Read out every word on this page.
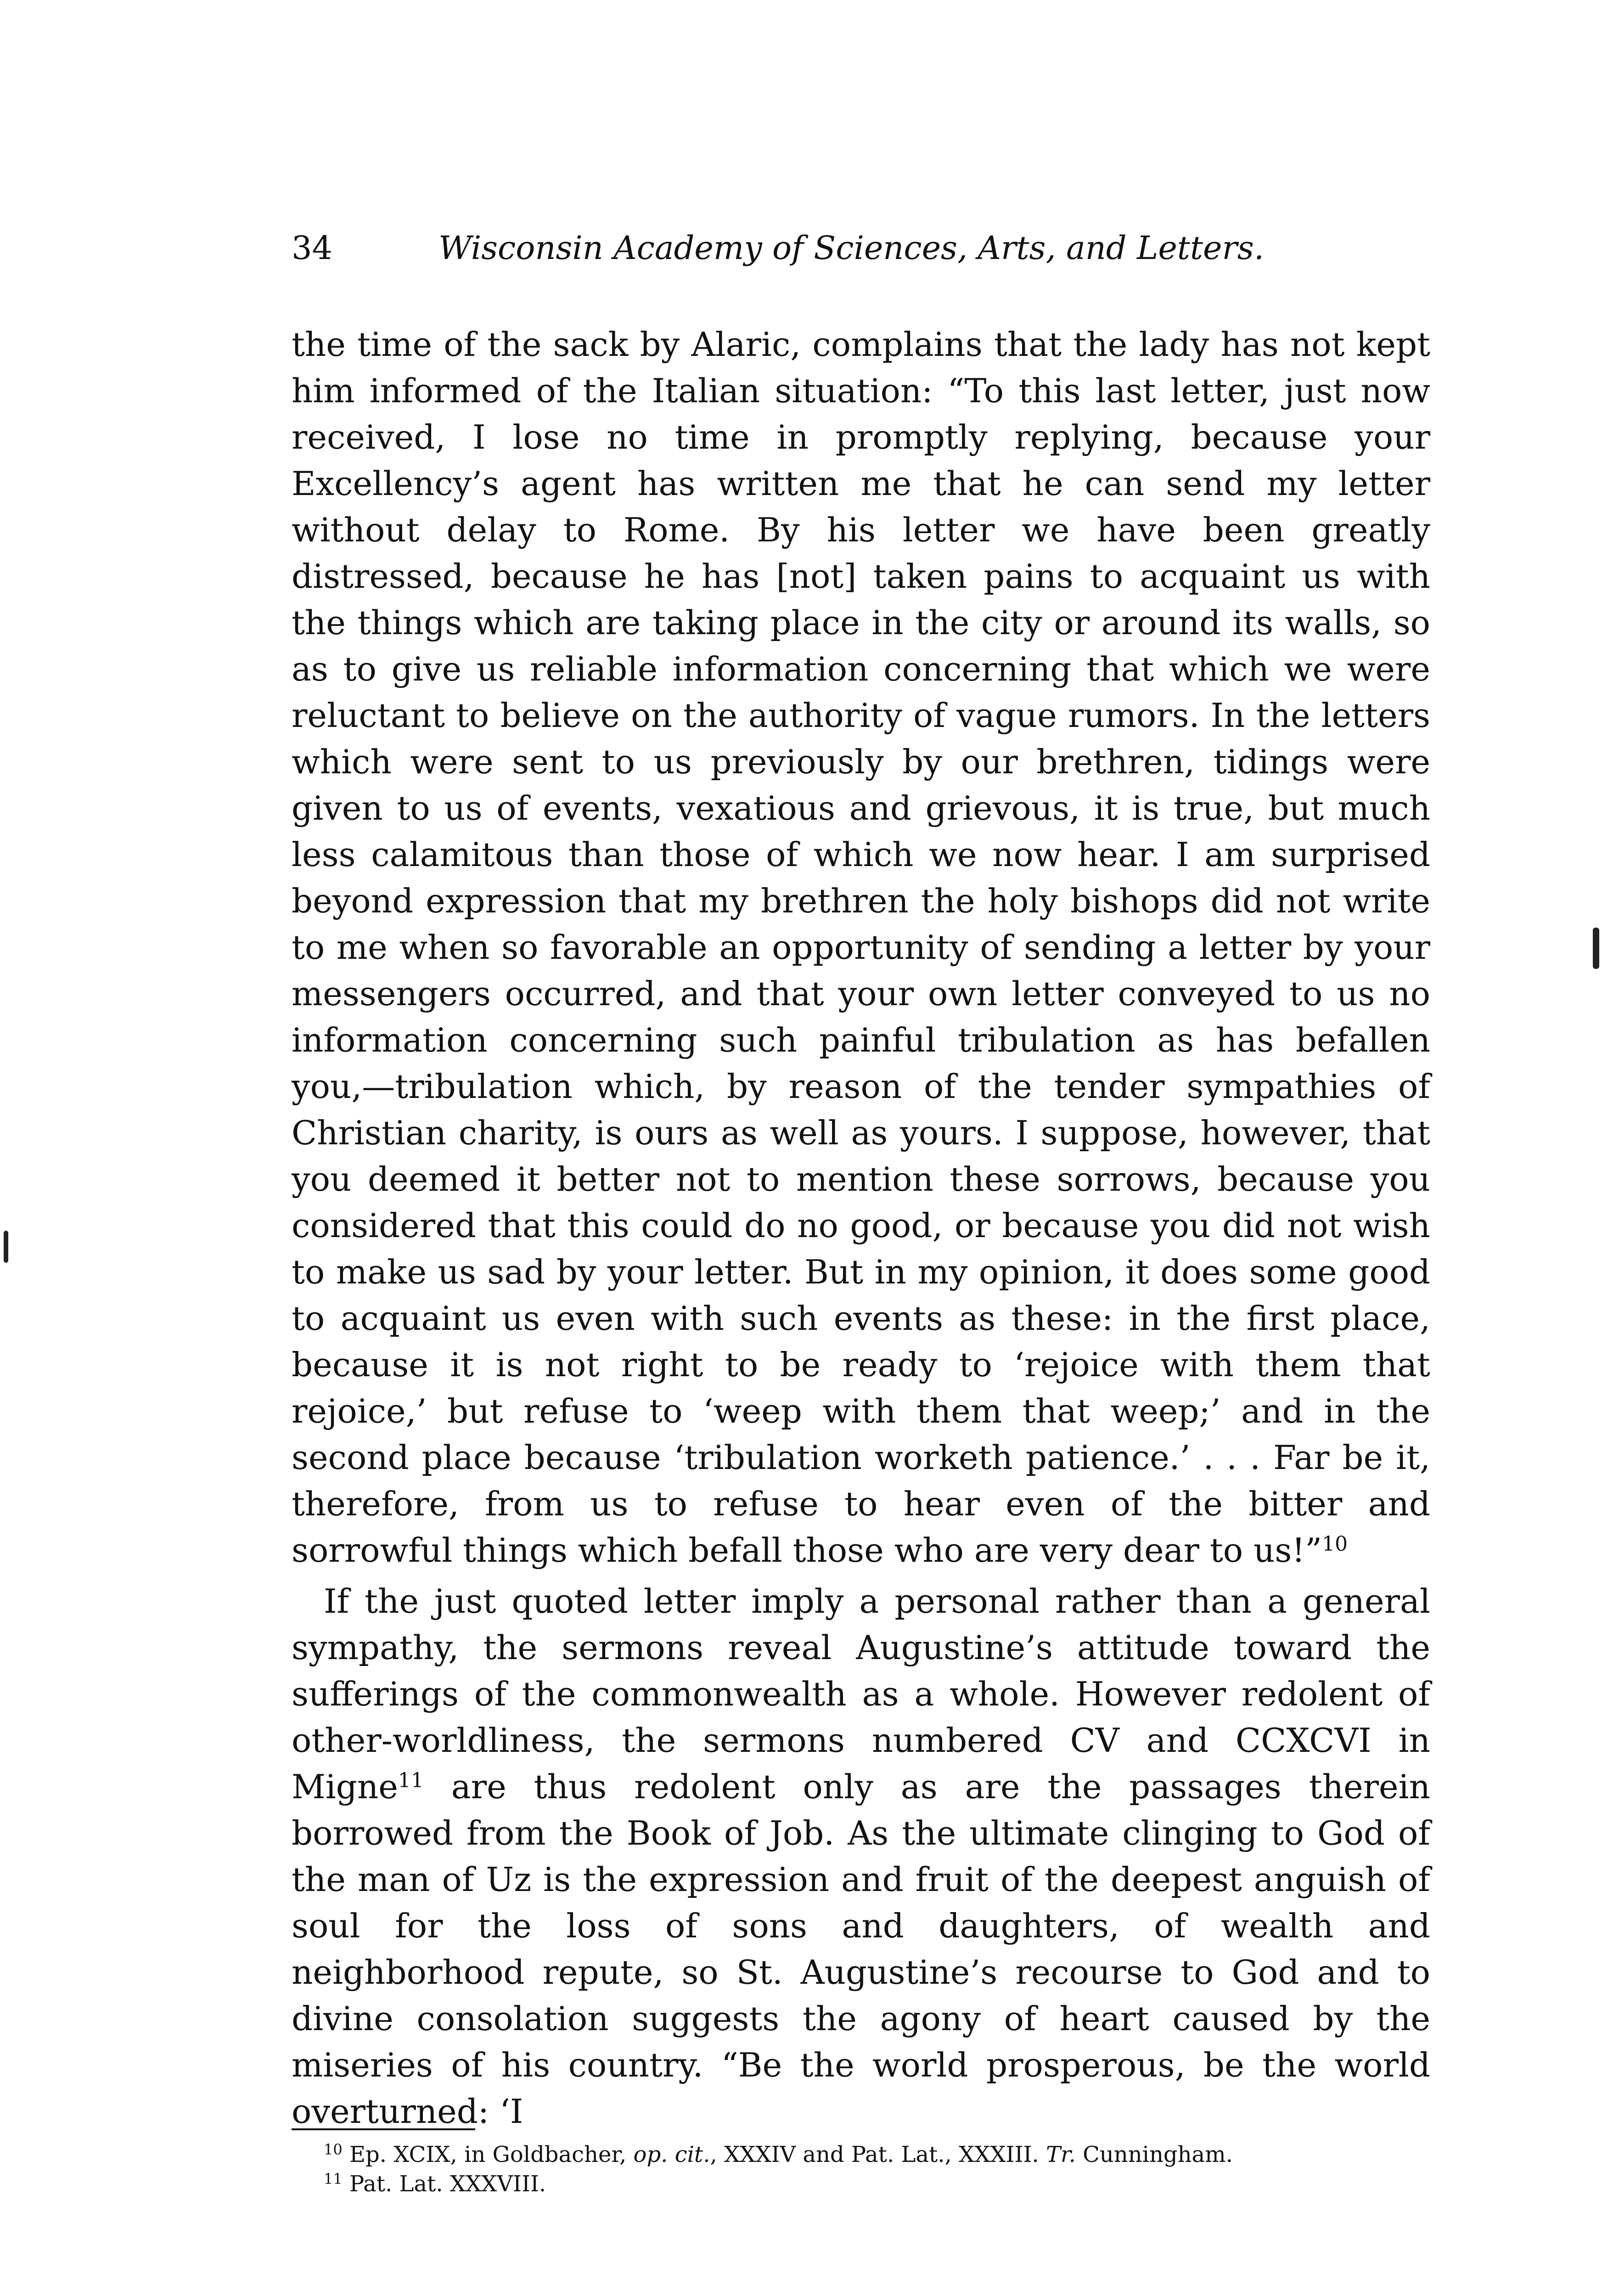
34	Wisconsin Academy of Sciences, Arts, and Letters.

the time of the sack by Alaric, complains that the lady has not kept him informed of the Italian situation: “To this last letter, just now received, I lose no time in promptly replying, because your Excellency’s agent has written me that he can send my letter without delay to Rome. By his letter we have been greatly distressed, because he has [not] taken pains to acquaint us with the things which are taking place in the city or around its walls, so as to give us reliable information concerning that which we were reluctant to believe on the authority of vague rumors. In the letters which were sent to us previously by our brethren, tidings were given to us of events, vexatious and grievous, it is true, but much less calamitous than those of which we now hear. I am surprised beyond expression that my brethren the holy bishops did not write to me when so favorable an opportunity of sending a letter by your messengers occurred, and that your own letter conveyed to us no information concerning such painful tribulation as has befallen you,—tribulation which, by reason of the tender sympathies of Christian charity, is ours as well as yours. I suppose, however, that you deemed it better not to mention these sorrows, because you considered that this could do no good, or because you did not wish to make us sad by your letter. But in my opinion, it does some good to acquaint us even with such events as these: in the first place, because it is not right to be ready to ‘rejoice with them that rejoice,’ but refuse to ‘weep with them that weep;’ and in the second place because ‘tribulation worketh patience.’ . . . Far be it, therefore, from us to refuse to hear even of the bitter and sorrowful things which befall those who are very dear to us!”$^{10}$

If the just quoted letter imply a personal rather than a general sympathy, the sermons reveal Augustine’s attitude toward the sufferings of the commonwealth as a whole. However redolent of other-worldliness, the sermons numbered CV and CCXCVI in Migne$^{11}$ are thus redolent only as are the passages therein borrowed from the Book of Job. As the ultimate clinging to God of the man of Uz is the expression and fruit of the deepest anguish of soul for the loss of sons and daughters, of wealth and neighborhood repute, so St. Augustine’s recourse to God and to divine consolation suggests the agony of heart caused by the miseries of his country. “Be the world prosperous, be the world overturned: ‘I

$^{10}$ Ep. XCIX, in Goldbacher, op. cit., XXXIV and Pat. Lat., XXXIII. Tr. Cunningham.

$^{11}$ Pat. Lat. XXXVIII.
